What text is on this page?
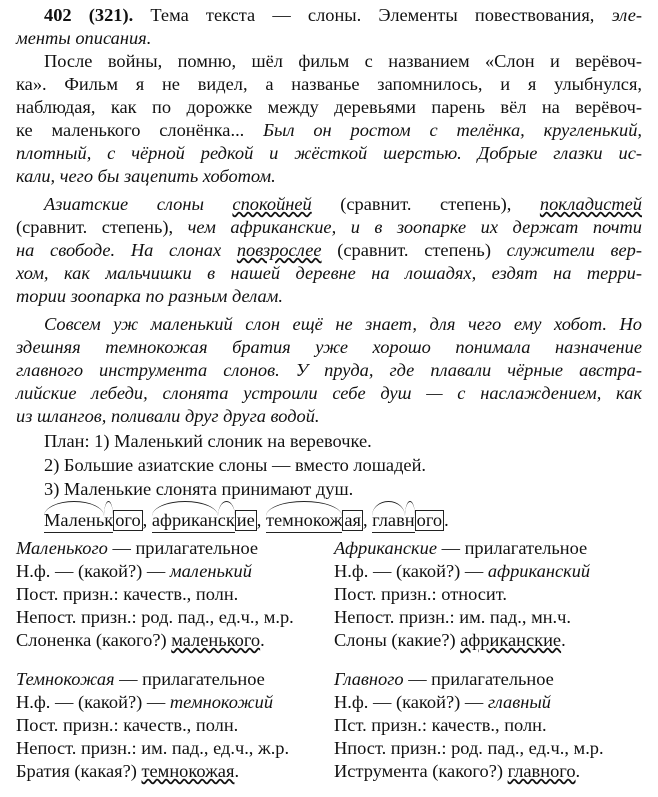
402 (321). Тема текста — слоны. Элементы повествования, эле-
менты описания.
После войны, помню, шёл фильм с названием «Слон и верёвоч-
ка». Фильм я не видел, а названье запомнилось, и я улыбнулся,
наблюдая, как по дорожке между деревьями парень вёл на верёвоч-
ке маленького слонёнка... Был он ростом с телёнка, кругленький,
плотный, с чёрной редкой и жёсткой шерстью. Добрые глазки ис-
кали, чего бы зацепить хоботом.
Азиатские слоны спокойней (сравнит. степень), покладистей
(сравнит. степень), чем африканские, и в зоопарке их держат почти
на свободе. На слонах повзрослее (сравнит. степень) служители вер-
хом, как мальчишки в нашей деревне на лошадях, ездят на терри-
тории зоопарка по разным делам.
Совсем уж маленький слон ещё не знает, для чего ему хобот. Но
здешняя темнокожая братия уже хорошо понимала назначение
главного инструмента слонов. У пруда, где плавали чёрные австра-
лийские лебеди, слонята устроили себе душ — с наслаждением, как
из шлангов, поливали друг друга водой.
План: 1) Маленький слоник на веревочке.
2) Большие азиатские слоны — вместо лошадей.
3) Маленькие слонята принимают душ.
Маленьк ого , африканск ие , темнокож ая , главн ого .
Маленького — прилагательное
Н.ф. — (какой?) — маленький
Пост. призн.: качеств., полн.
Непост. призн.: род. пад., ед.ч., м.р.
Слоненка (какого?) маленького.
Африканские — прилагательное
Н.ф. — (какой?) — африканский
Пост. призн.: относит.
Непост. призн.: им. пад., мн.ч.
Слоны (какие?) африканские.
Темнокожая — прилагательное
Н.ф. — (какой?) — темнокожий
Пост. призн.: качеств., полн.
Непост. призн.: им. пад., ед.ч., ж.р.
Братия (какая?) темнокожая.
Главного — прилагательное
Н.ф. — (какой?) — главный
Пст. призн.: качеств., полн.
Нпост. призн.: род. пад., ед.ч., м.р.
Иструмента (какого?) главного.
